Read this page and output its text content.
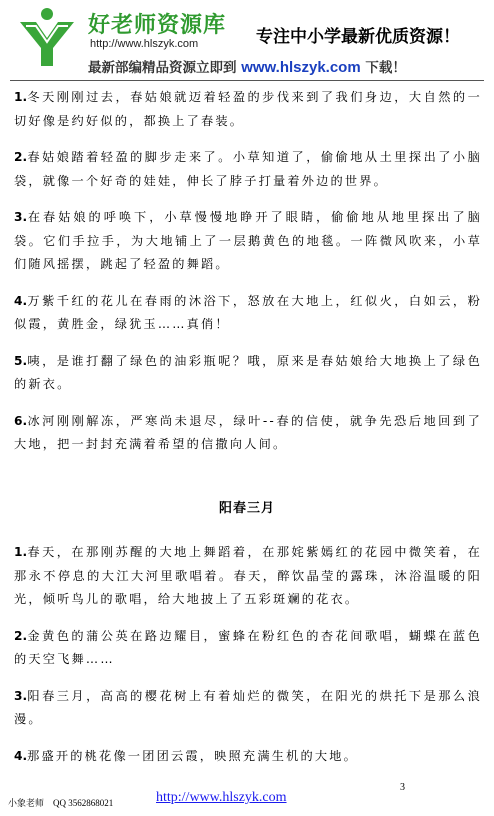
好老师资源库
http://www.hlszyk.com	专注中小学最新优质资源！
最新部编精品资源立即到 www.hlszyk.com 下载！

1.冬天刚刚过去，春姑娘就迈着轻盈的步伐来到了我们身边，大自然的一切好像是约好似的，都换上了春装。

2.春姑娘踏着轻盈的脚步走来了。小草知道了，偷偷地从土里探出了小脑袋，就像一个好奇的娃娃，伸长了脖子打量着外边的世界。

3.在春姑娘的呼唤下，小草慢慢地睁开了眼睛，偷偷地从地里探出了脑袋。它们手拉手，为大地铺上了一层鹅黄色的地毯。一阵微风吹来，小草们随风摇摆，跳起了轻盈的舞蹈。

4.万紫千红的花儿在春雨的沐浴下，怒放在大地上，红似火，白如云，粉似霞，黄胜金，绿犹玉……真俏！

5.咦，是谁打翻了绿色的油彩瓶呢？哦，原来是春姑娘给大地换上了绿色的新衣。

6.冰河刚刚解冻，严寒尚未退尽，绿叶--春的信使，就争先恐后地回到了大地，把一封封充满着希望的信撒向人间。

阳春三月

1.春天，在那刚苏醒的大地上舞蹈着，在那姹紫嫣红的花园中微笑着，在那永不停息的大江大河里歌唱着。春天，醉饮晶莹的露珠，沐浴温暖的阳光，倾听鸟儿的歌唱，给大地披上了五彩斑斓的花衣。

2.金黄色的蒲公英在路边耀目，蜜蜂在粉红色的杏花间歌唱，蝴蝶在蓝色的天空飞舞……

3.阳春三月，高高的樱花树上有着灿烂的微笑，在阳光的烘托下是那么浪漫。

4.那盛开的桃花像一团团云霞，映照充满生机的大地。

3
小象老师　QQ 3562868021	http://www.hlszyk.com
